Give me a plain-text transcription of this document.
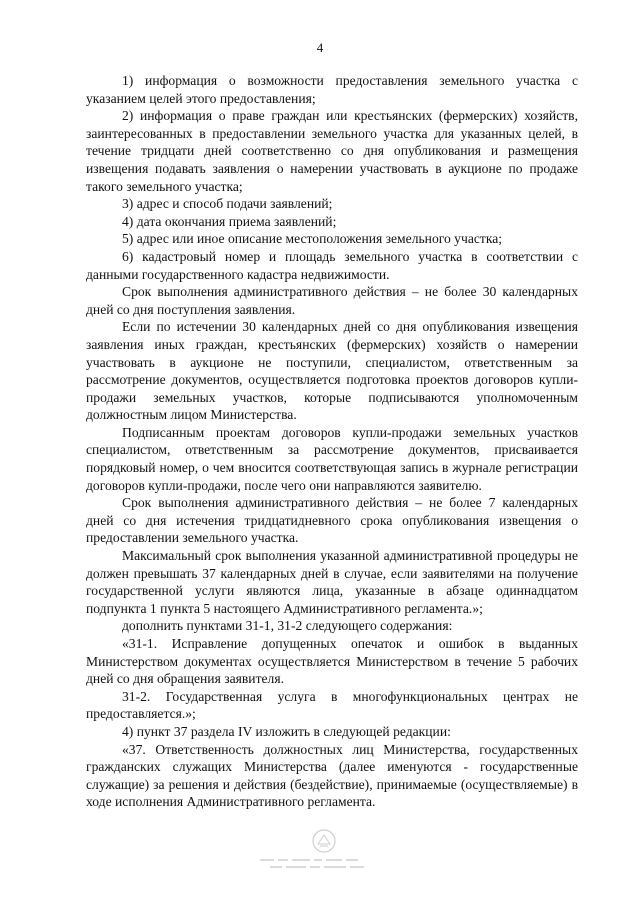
4

1) информация о возможности предоставления земельного участка с указанием целей этого предоставления;

2) информация о праве граждан или крестьянских (фермерских) хозяйств, заинтересованных в предоставлении земельного участка для указанных целей, в течение тридцати дней соответственно со дня опубликования и размещения извещения подавать заявления о намерении участвовать в аукционе по продаже такого земельного участка;

3) адрес и способ подачи заявлений;

4) дата окончания приема заявлений;

5) адрес или иное описание местоположения земельного участка;

6) кадастровый номер и площадь земельного участка в соответствии с данными государственного кадастра недвижимости.

Срок выполнения административного действия – не более 30 календарных дней со дня поступления заявления.

Если по истечении 30 календарных дней со дня опубликования извещения заявления иных граждан, крестьянских (фермерских) хозяйств о намерении участвовать в аукционе не поступили, специалистом, ответственным за рассмотрение документов, осуществляется подготовка проектов договоров купли-продажи земельных участков, которые подписываются уполномоченным должностным лицом Министерства.

Подписанным проектам договоров купли-продажи земельных участков специалистом, ответственным за рассмотрение документов, присваивается порядковый номер, о чем вносится соответствующая запись в журнале регистрации договоров купли-продажи, после чего они направляются заявителю.

Срок выполнения административного действия – не более 7 календарных дней со дня истечения тридцатидневного срока опубликования извещения о предоставлении земельного участка.

Максимальный срок выполнения указанной административной процедуры не должен превышать 37 календарных дней в случае, если заявителями на получение государственной услуги являются лица, указанные в абзаце одиннадцатом подпункта 1 пункта 5 настоящего Административного регламента.»;

дополнить пунктами 31-1, 31-2 следующего содержания:

«31-1. Исправление допущенных опечаток и ошибок в выданных Министерством документах осуществляется Министерством в течение 5 рабочих дней со дня обращения заявителя.

31-2. Государственная услуга в многофункциональных центрах не предоставляется.»;

4) пункт 37 раздела IV изложить в следующей редакции:

«37. Ответственность должностных лиц Министерства, государственных гражданских служащих Министерства (далее именуются - государственные служащие) за решения и действия (бездействие), принимаемые (осуществляемые) в ходе исполнения Административного регламента.
